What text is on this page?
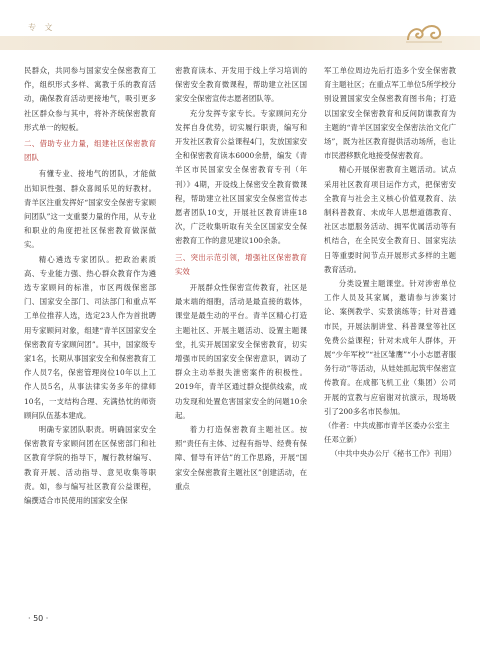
专 文

民群众，共同参与国家安全保密教育工作，组织形式多样、寓教于乐的教育活动，确保教育活动更接地气，吸引更多社区群众参与其中，将补齐统保密教育形式单一的短板。

二、借助专业力量，组建社区保密教育团队

有懂专业、接地气的团队，才能做出知识性强、群众喜闻乐见的好教材。青羊区注重发挥好“国家安全保密专家顾问团队”这一支重要力量的作用，从专业和职业的角度把社区保密教育做深做实。

精心遴选专家团队。把政治素质高、专业能力强、热心群众教育作为遴选专家顾问的标准，市区两级保密部门、国家安全部门、司法部门和重点军工单位推荐人选，选定23人作为首批聘用专家顾问对象，组建“青羊区国家安全保密教育专家顾问团”。其中，国家级专家1名，长期从事国家安全和保密教育工作人员7名，保密管理岗位10年以上工作人员5名，从事法律实务多年的律师10名，一支结构合理、充满热忱的师资顾问队伍基本建成。

明确专家团队职责。明确国家安全保密教育专家顾问团在区保密部门和社区教育学院的指导下，履行教材编写、教育开展、活动指导、意见收集等职责。如，参与编写社区教育公益课程，编撰适合市民使用的国家安全保

密教育读本、开发用于线上学习培训的保密安全教育微课程，帮助建立社区国家安全保密宣传志愿者团队等。

充分发挥专家专长。专家顾问充分发挥自身优势，切实履行职责，编写和开发社区教育公益课程4门，发放国家安全和保密教育读本6000余册，编发《青羊区市民国家安全保密教育专刊（年刊）》4期，开设线上保密安全教育微课程，帮助建立社区国家安全保密宣传志愿者团队10支，开展社区教育讲座18次，广泛收集听取有关全区国家安全保密教育工作的意见建议100余条。

三、突出示范引领，增强社区保密教育实效

开展群众性保密宣传教育，社区是最末端的细胞，活动是最直接的载体，课堂是最生动的平台。青羊区精心打造主题社区、开展主题活动、设置主题课堂，扎实开展国家安全保密教育，切实增强市民的国家安全保密意识，调动了群众主动举报失泄密案件的积极性。2019年，青羊区通过群众提供线索，成功发现和处置危害国家安全的问题10余起。

着力打造保密教育主题社区。按照“责任有主体、过程有指导、经费有保障、督导有评估”的工作思路，开展“国家安全保密教育主题社区”创建活动，在重点

军工单位周边先后打造多个安全保密教育主题社区；在重点军工单位5所学校分别设置国家安全保密教育图书角；打造以国家安全保密教育和反间防谍教育为主题的“青羊区国家安全保密法治文化广场”，既为社区教育提供活动场所，也让市民潜移默化地接受保密教育。

精心开展保密教育主题活动。试点采用社区教育项目运作方式，把保密安全教育与社会主义核心价值观教育、法制科普教育、未成年人思想道德教育、社区志愿服务活动、拥军优属活动等有机结合，在全民安全教育日、国家宪法日等重要时间节点开展形式多样的主题教育活动。

分类设置主题课堂。针对涉密单位工作人员及其家属，邀请参与涉案讨论、案例教学、实景演练等；针对普通市民，开展法制讲堂、科普课堂等社区免费公益课程；针对未成年人群体，开展“少年军校”“社区雏鹰”“小小志愿者服务行动”等活动，从娃娃抓起筑牢保密宣传教育。在成都飞机工业（集团）公司开展的宣教与应宿谢对抗演示，现场吸引了200多名市民参加。

（作者：中共成都市青羊区委办公室主任邓立新）

（中共中央办公厅《秘书工作》刊用）

· 50 ·
